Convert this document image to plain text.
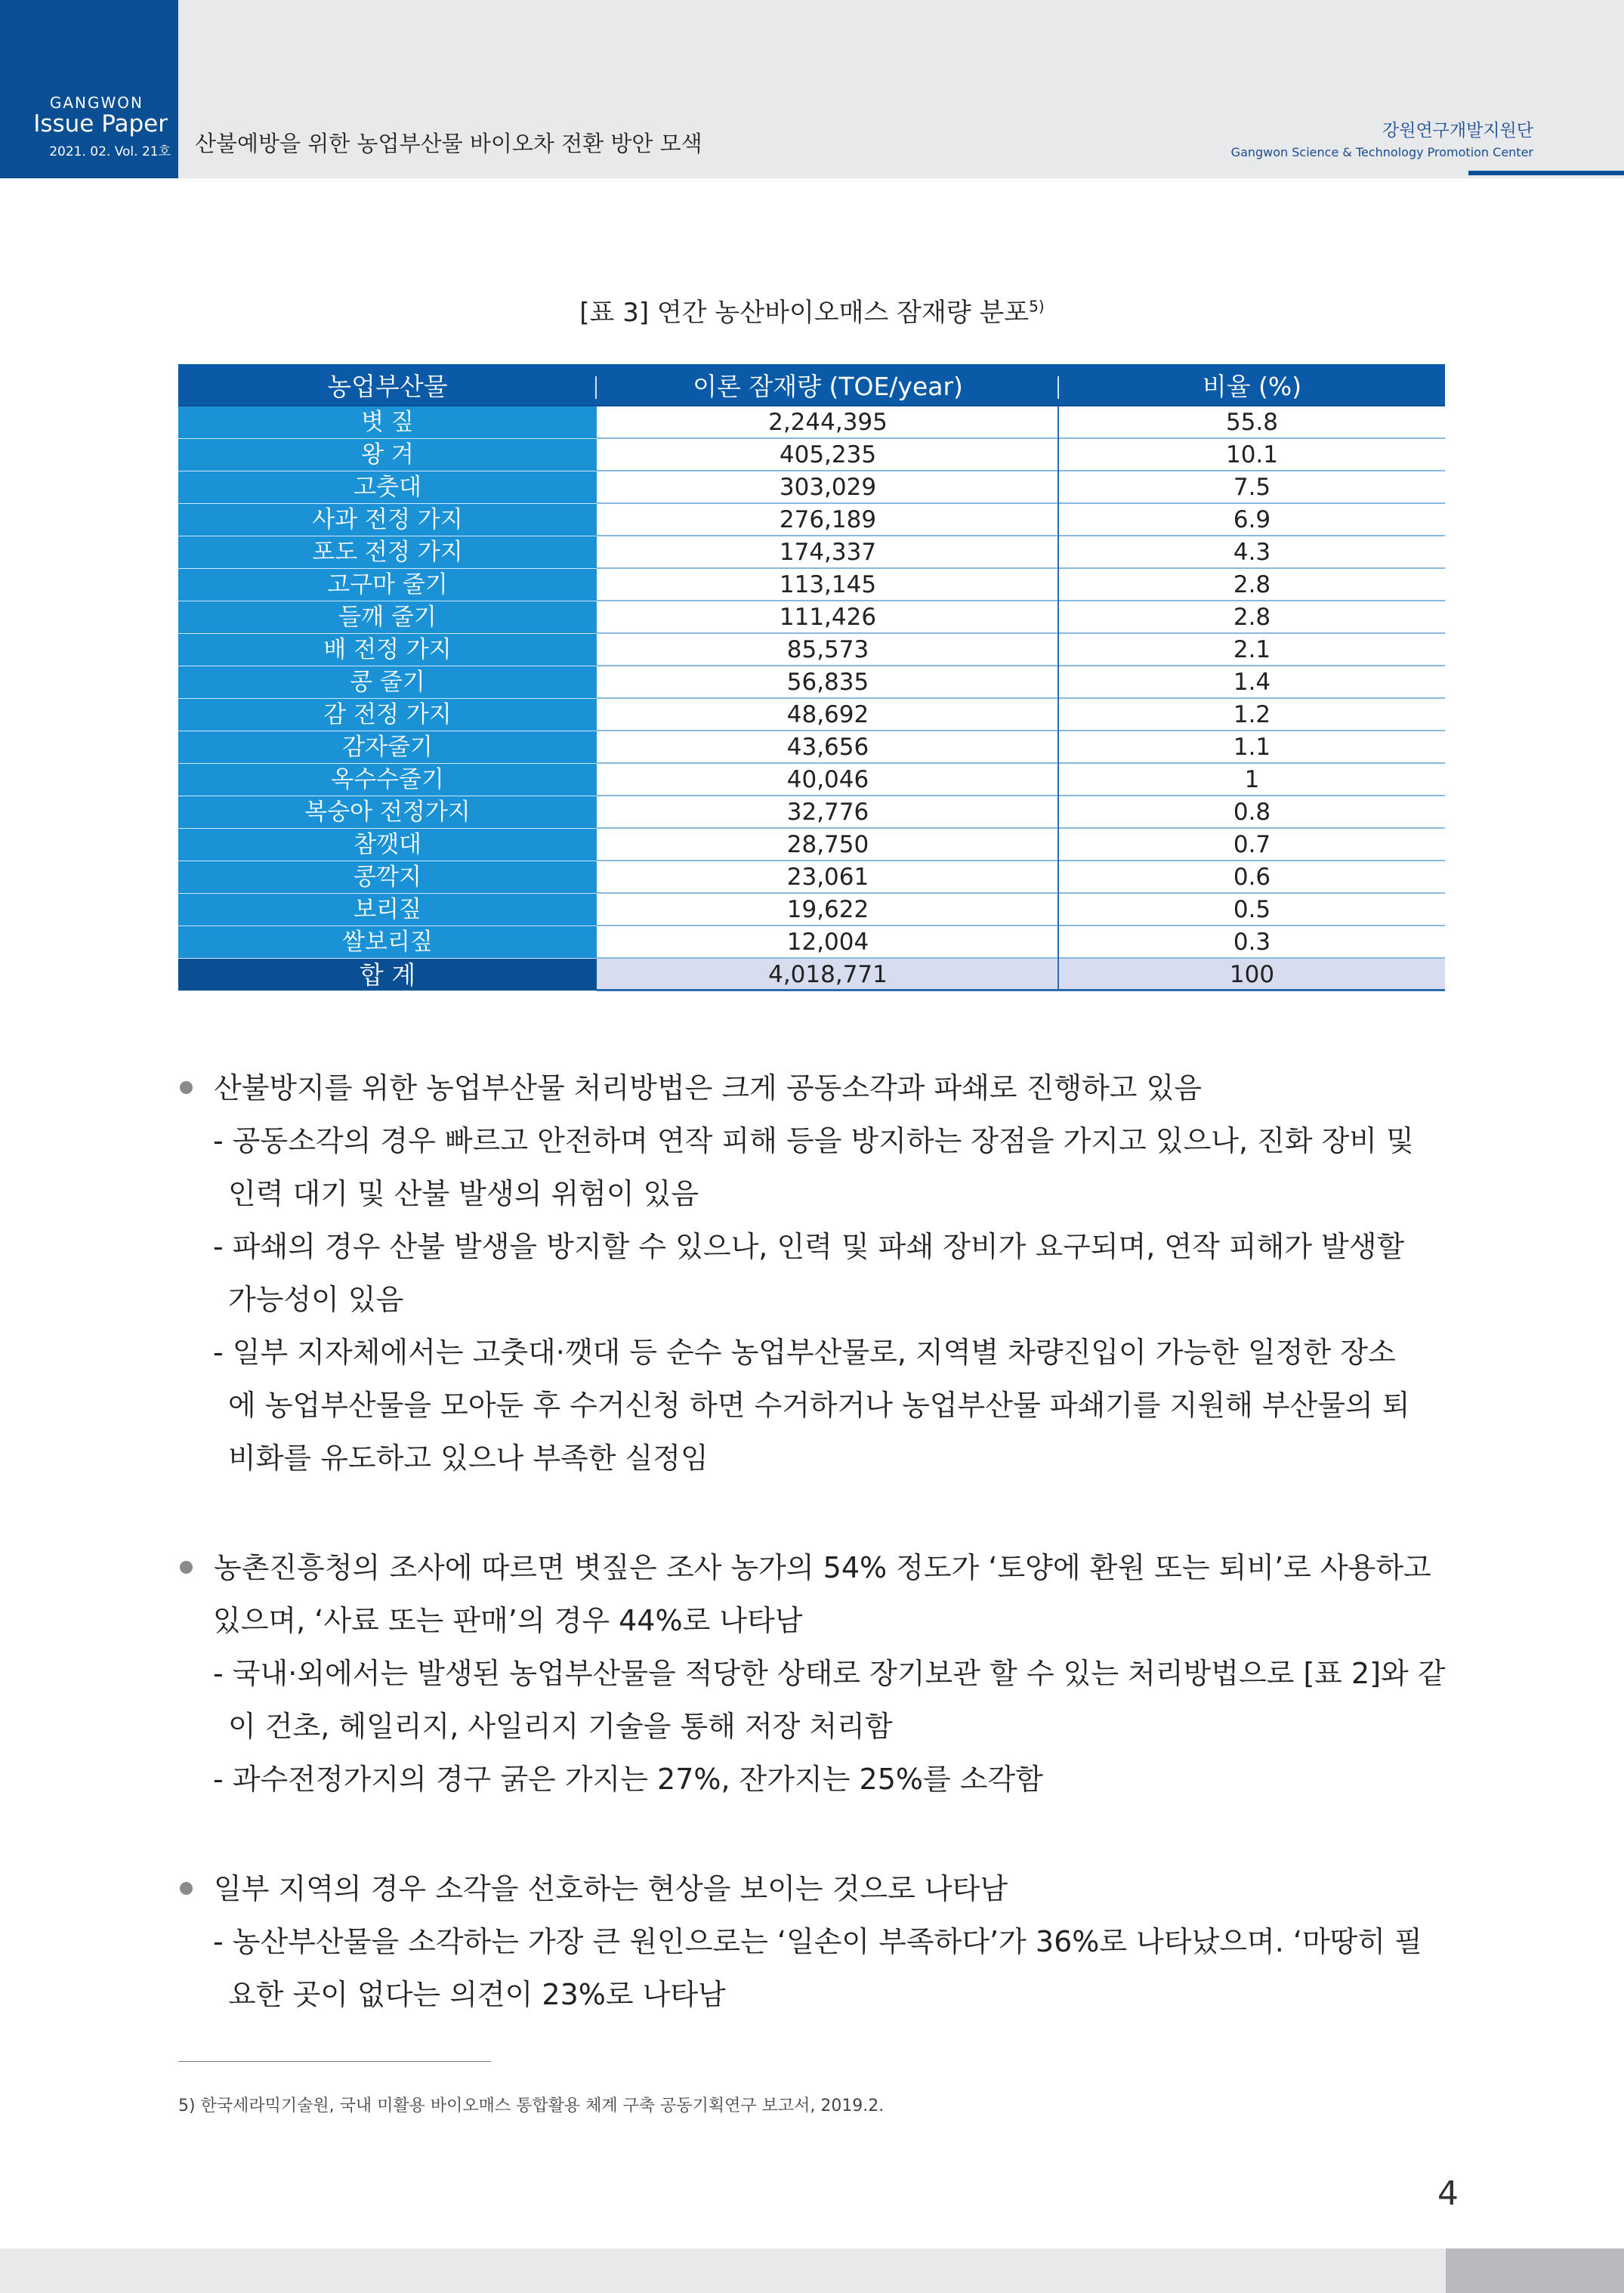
GANGWON
Issue Paper
2021. 02. Vol. 21호 산불예방을 위한 농업부산물 바이오차 전환 방안 모색	강원연구개발지원단
Gangwon Science & Technology Promotion Center
[표 3] 연간 농산바이오매스 잠재량 분포$^{5)}$
농업부산물	이론 잠재량 (TOE/year)	비율 (%)
볏 짚	2,244,395	55.8
왕 겨	405,235	10.1
고춧대	303,029	7.5
사과 전정 가지	276,189	6.9
포도 전정 가지	174,337	4.3
고구마 줄기	113,145	2.8
들깨 줄기	111,426	2.8
배 전정 가지	85,573	2.1
콩 줄기	56,835	1.4
감 전정 가지	48,692	1.2
감자줄기	43,656	1.1
옥수수줄기	40,046	1
복숭아 전정가지	32,776	0.8
참깻대	28,750	0.7
콩깍지	23,061	0.6
보리짚	19,622	0.5
쌀보리짚	12,004	0.3
합 계	4,018,771	100
산불방지를 위한 농업부산물 처리방법은 크게 공동소각과 파쇄로 진행하고 있음
- 공동소각의 경우 빠르고 안전하며 연작 피해 등을 방지하는 장점을 가지고 있으나, 진화 장비 및
인력 대기 및 산불 발생의 위험이 있음
- 파쇄의 경우 산불 발생을 방지할 수 있으나, 인력 및 파쇄 장비가 요구되며, 연작 피해가 발생할
가능성이 있음
- 일부 지자체에서는 고춧대·깻대 등 순수 농업부산물로, 지역별 차량진입이 가능한 일정한 장소
에 농업부산물을 모아둔 후 수거신청 하면 수거하거나 농업부산물 파쇄기를 지원해 부산물의 퇴
비화를 유도하고 있으나 부족한 실정임
농촌진흥청의 조사에 따르면 볏짚은 조사 농가의 54% 정도가 ‘토양에 환원 또는 퇴비’로 사용하고
있으며, ‘사료 또는 판매’의 경우 44%로 나타남
- 국내·외에서는 발생된 농업부산물을 적당한 상태로 장기보관 할 수 있는 처리방법으로 [표 2]와 같
이 건초, 헤일리지, 사일리지 기술을 통해 저장 처리함
- 과수전정가지의 경구 굵은 가지는 27%, 잔가지는 25%를 소각함
일부 지역의 경우 소각을 선호하는 현상을 보이는 것으로 나타남
- 농산부산물을 소각하는 가장 큰 원인으로는 ‘일손이 부족하다’가 36%로 나타났으며. ‘마땅히 필
요한 곳이 없다는 의견이 23%로 나타남
5) 한국세라믹기술원, 국내 미활용 바이오매스 통합활용 체계 구축 공동기획연구 보고서, 2019.2.
4
